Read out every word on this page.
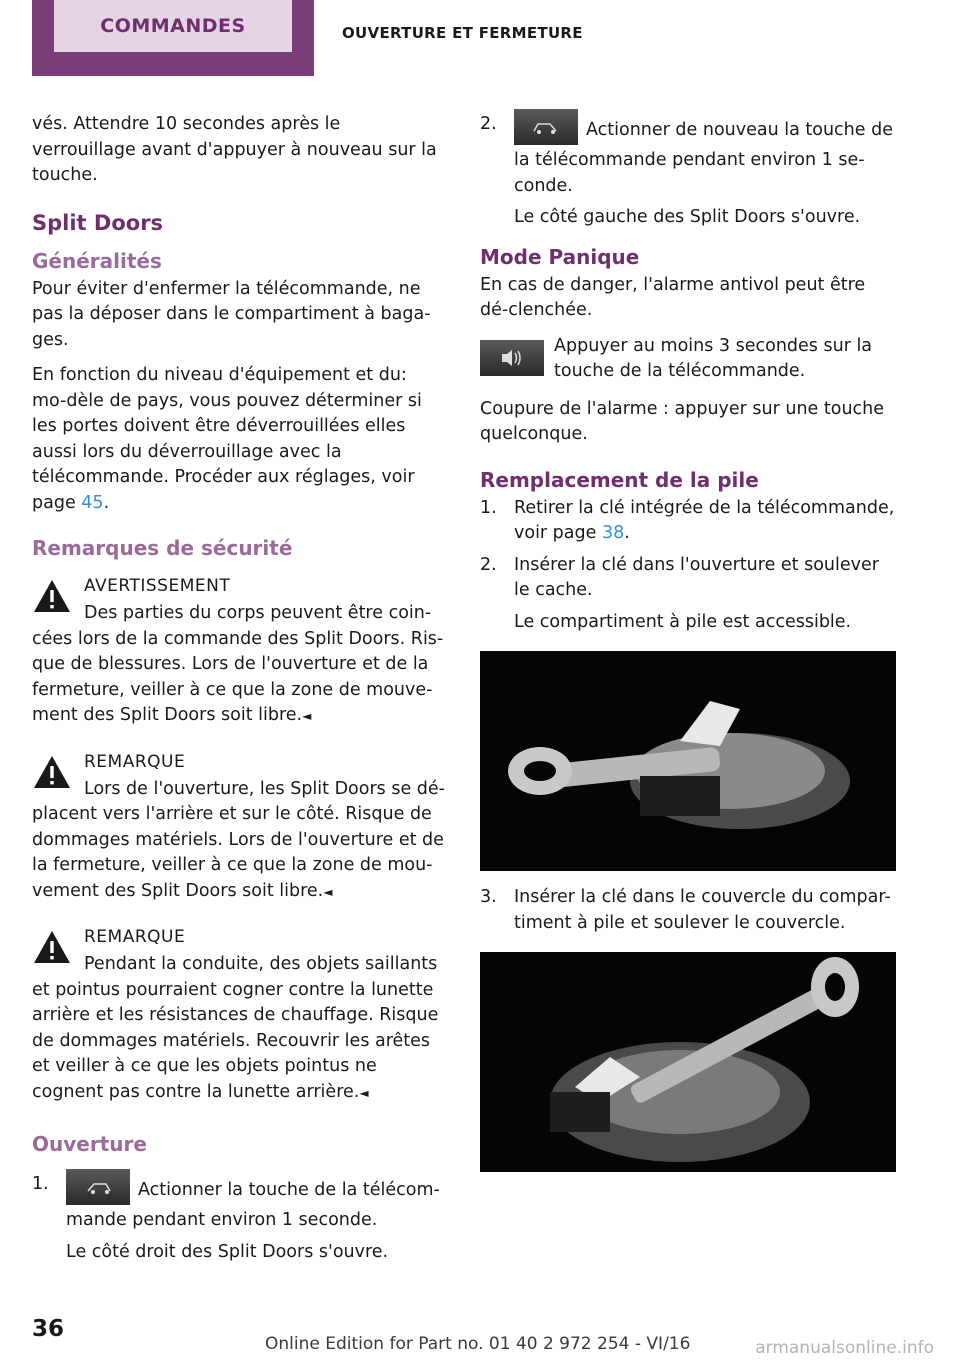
COMMANDES	OUVERTURE ET FERMETURE

vés. Attendre 10 secondes après le verrouillage avant d'appuyer à nouveau sur la touche.

Split Doors
Généralités

Pour éviter d'enfermer la télécommande, ne pas la déposer dans le compartiment à baga-ges.

En fonction du niveau d'équipement et du: mo-dèle de pays, vous pouvez déterminer si les portes doivent être déverrouillées elles aussi lors du déverrouillage avec la télécommande. Procéder aux réglages, voir page 45.

Remarques de sécurité

AVERTISSEMENT

Des parties du corps peuvent être coin-cées lors de la commande des Split Doors. Ris-que de blessures. Lors de l'ouverture et de la fermeture, veiller à ce que la zone de mouve-ment des Split Doors soit libre.◄

REMARQUE

Lors de l'ouverture, les Split Doors se dé-placent vers l'arrière et sur le côté. Risque de dommages matériels. Lors de l'ouverture et de la fermeture, veiller à ce que la zone de mou-vement des Split Doors soit libre.◄

REMARQUE

Pendant la conduite, des objets saillants et pointus pourraient cogner contre la lunette arrière et les résistances de chauffage. Risque de dommages matériels. Recouvrir les arêtes et veiller à ce que les objets pointus ne cognent pas contre la lunette arrière.◄

Ouverture
1.	Actionner la touche de la télécom-mande pendant environ 1 seconde.

Le côté droit des Split Doors s'ouvre.

2.	Actionner de nouveau la touche de la télécommande pendant environ 1 se-conde.

Le côté gauche des Split Doors s'ouvre.

Mode Panique

En cas de danger, l'alarme antivol peut être dé-clenchée.

Appuyer au moins 3 secondes sur la touche de la télécommande.

Coupure de l'alarme : appuyer sur une touche quelconque.

Remplacement de la pile
1. Retirer la clé intégrée de la télécommande, voir page 38.

2. Insérer la clé dans l'ouverture et soulever le cache.

Le compartiment à pile est accessible.

3. Insérer la clé dans le couvercle du compar-timent à pile et soulever le couvercle.

36
Online Edition for Part no. 01 40 2 972 254 - VI/16	armanualsonline.info
